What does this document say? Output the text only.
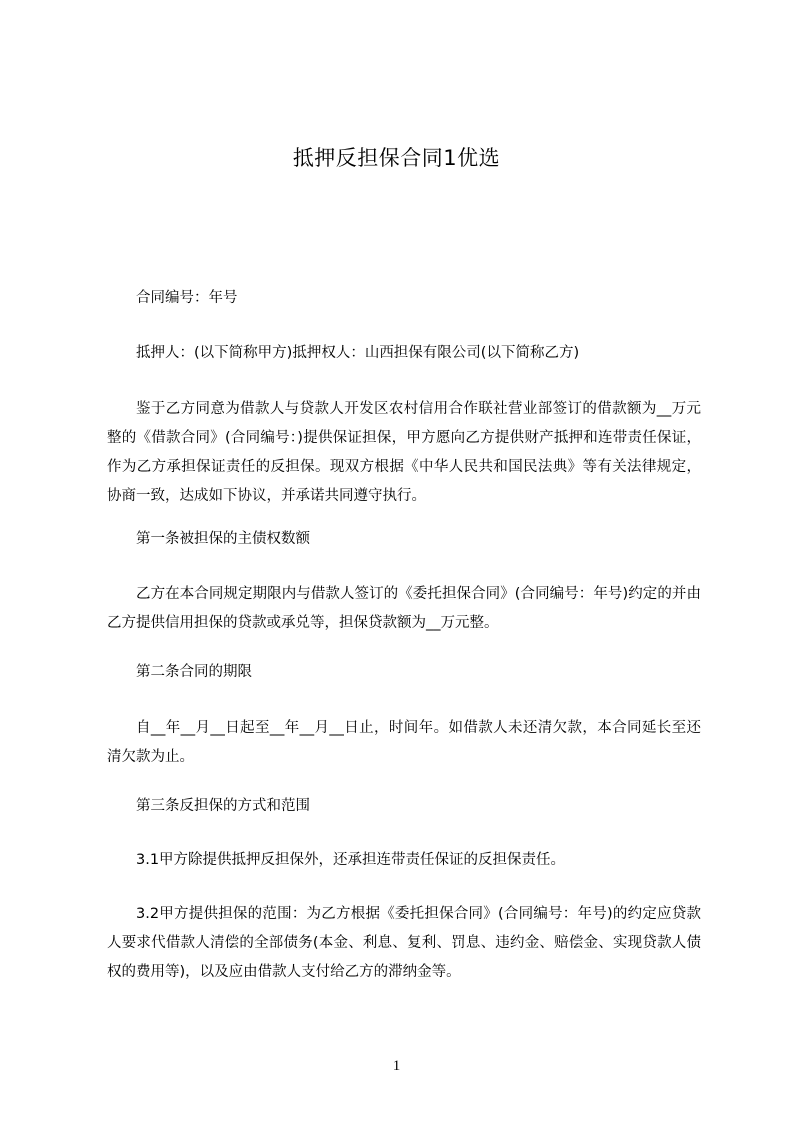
抵押反担保合同1优选

合同编号：年号

抵押人：(以下简称甲方)抵押权人：山西担保有限公司(以下简称乙方)

鉴于乙方同意为借款人与贷款人开发区农村信用合作联社营业部签订的借款额为__万元整的《借款合同》(合同编号：)提供保证担保，甲方愿向乙方提供财产抵押和连带责任保证，作为乙方承担保证责任的反担保。现双方根据《中华人民共和国民法典》等有关法律规定，协商一致，达成如下协议，并承诺共同遵守执行。

第一条被担保的主债权数额

乙方在本合同规定期限内与借款人签订的《委托担保合同》(合同编号：年号)约定的并由乙方提供信用担保的贷款或承兑等，担保贷款额为__万元整。

第二条合同的期限

自__年__月__日起至__年__月__日止，时间年。如借款人未还清欠款，本合同延长至还清欠款为止。

第三条反担保的方式和范围

3.1甲方除提供抵押反担保外，还承担连带责任保证的反担保责任。

3.2甲方提供担保的范围：为乙方根据《委托担保合同》(合同编号：年号)的约定应贷款人要求代借款人清偿的全部债务(本金、利息、复利、罚息、违约金、赔偿金、实现贷款人债权的费用等)，以及应由借款人支付给乙方的滞纳金等。

1
